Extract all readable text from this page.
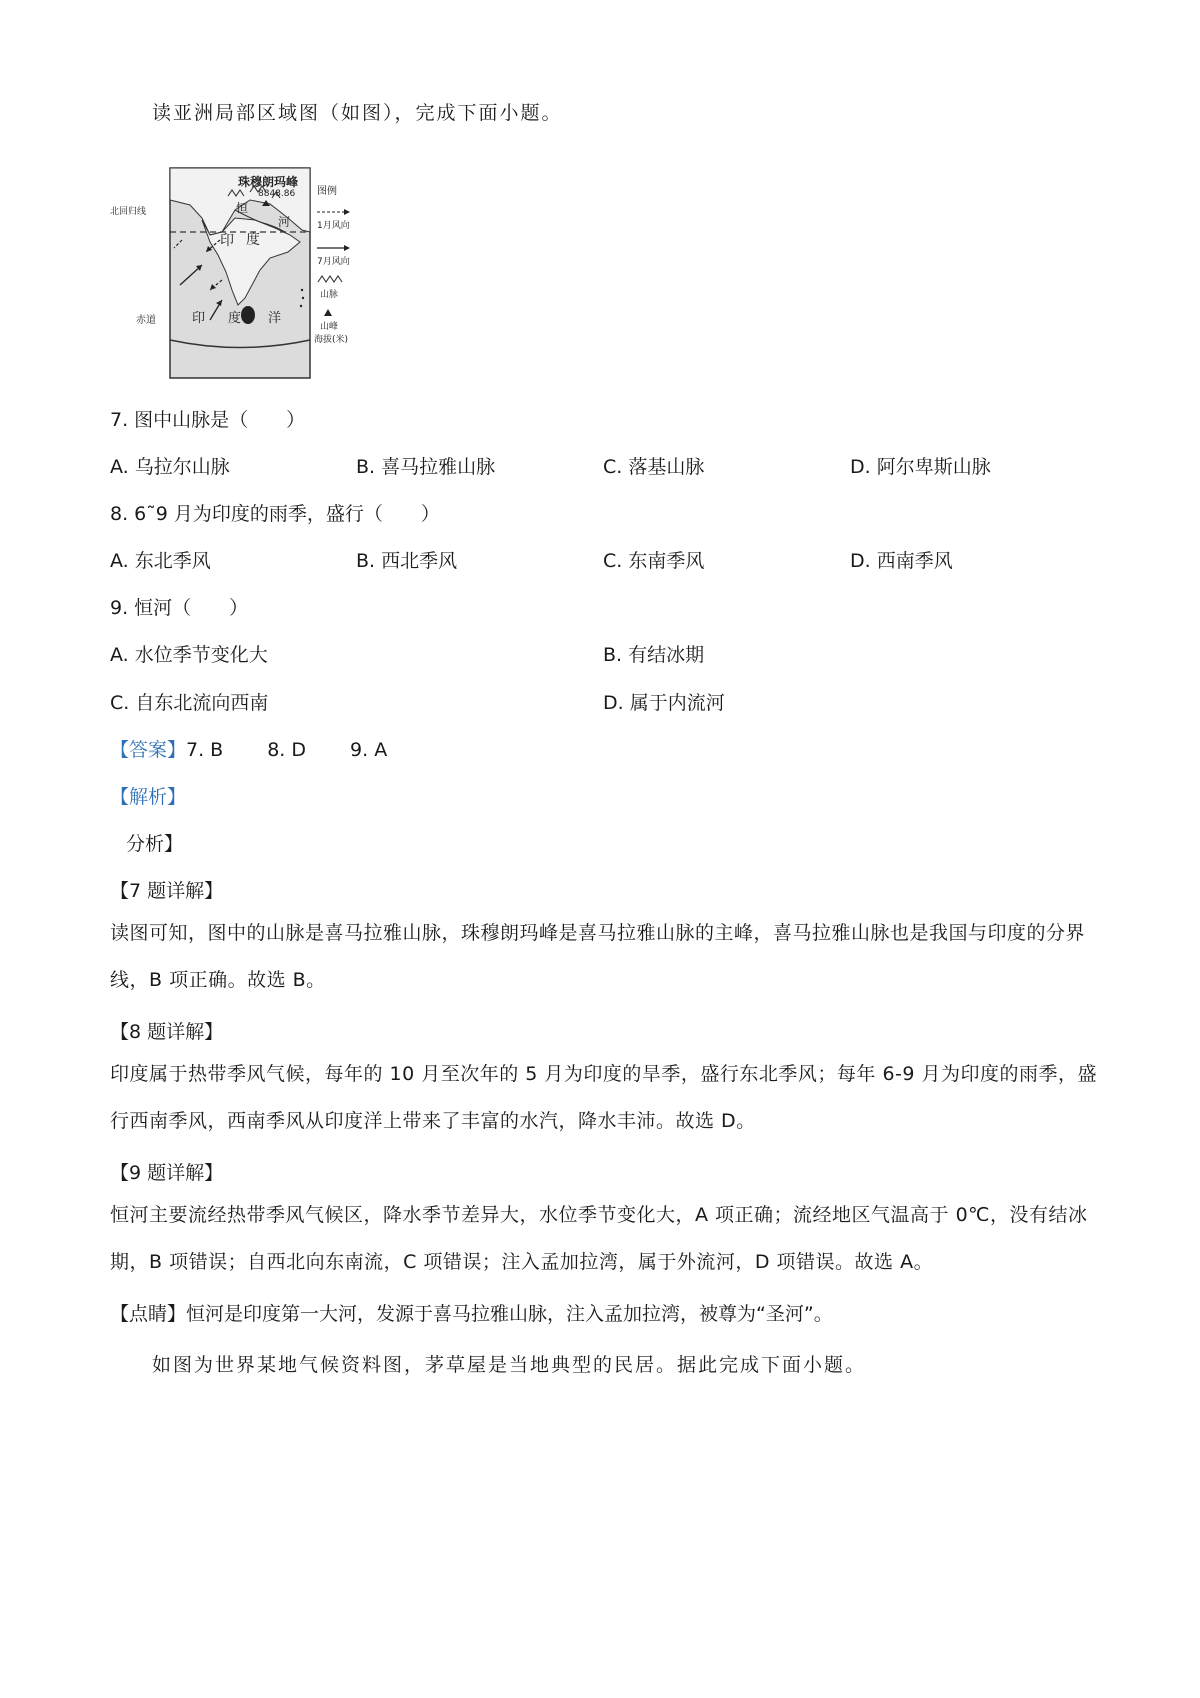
读亚洲局部区域图（如图），完成下面小题。
北回归线
赤道
珠穆朗玛峰
8848.86
恒
河
印 度
印 度 洋
图例
1月风向
7月风向
山脉
山峰
海拔(米)
7. 图中山脉是（　　）
A. 乌拉尔山脉	B. 喜马拉雅山脉	C. 落基山脉	D. 阿尔卑斯山脉
8. 6˜9 月为印度的雨季，盛行（　　）
A. 东北季风	B. 西北季风	C. 东南季风	D. 西南季风
9. 恒河（　　）
A. 水位季节变化大	B. 有结冰期
C. 自东北流向西南	D. 属于内流河
【答案】7. B 8. D 9. A
【解析】
分析】
【7 题详解】
读图可知，图中的山脉是喜马拉雅山脉，珠穆朗玛峰是喜马拉雅山脉的主峰，喜马拉雅山脉也是我国与印度的分界线，B 项正确。故选 B。
【8 题详解】
印度属于热带季风气候，每年的 10 月至次年的 5 月为印度的旱季，盛行东北季风；每年 6-9 月为印度的雨季，盛行西南季风，西南季风从印度洋上带来了丰富的水汽，降水丰沛。故选 D。
【9 题详解】
恒河主要流经热带季风气候区，降水季节差异大，水位季节变化大，A 项正确；流经地区气温高于 0℃，没有结冰期，B 项错误；自西北向东南流，C 项错误；注入孟加拉湾，属于外流河，D 项错误。故选 A。
【点睛】恒河是印度第一大河，发源于喜马拉雅山脉，注入孟加拉湾，被尊为“圣河”。
如图为世界某地气候资料图，茅草屋是当地典型的民居。据此完成下面小题。
